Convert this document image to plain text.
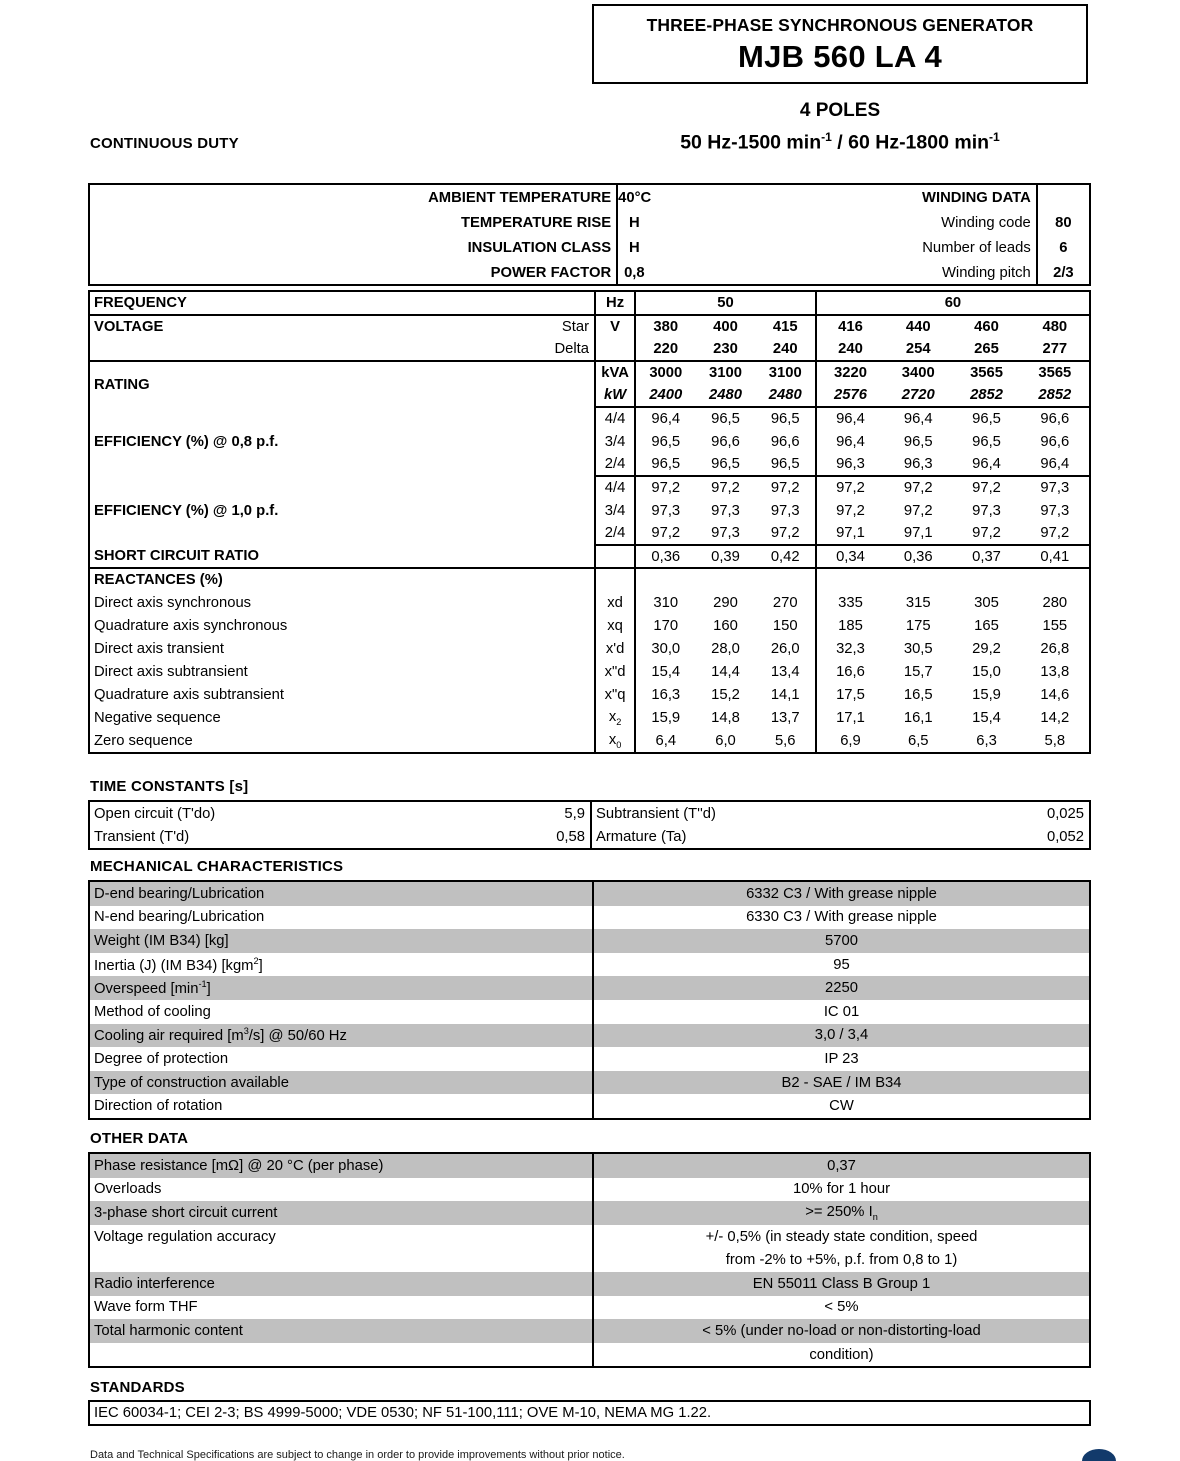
THREE-PHASE SYNCHRONOUS GENERATOR
MJB 560 LA 4
4 POLES
50 Hz-1500 $\min^{-1} / 60$ Hz-1800 $\min^{-1}$
CONTINUOUS DUTY
AMBIENT TEMPERATURE	40°C	WINDING DATA	
TEMPERATURE RISE	H	Winding code	80
INSULATION CLASS	H	Number of leads	6
POWER FACTOR	0,8	Winding pitch	2/3
FREQUENCY	Hz	50			60			
VOLTAGE Star	V	380	400	415	416	440	460	480
Delta		220	230	240	240	254	265	277
RATING	kVA	3000	3100	3100	3220	3400	3565	3565
	kW	2400	2480	2480	2576	2720	2852	2852
EFFICIENCY (%) @ 0,8 p.f.	4/4	96,4	96,5	96,5	96,4	96,4	96,5	96,6
	3/4	96,5	96,6	96,6	96,4	96,5	96,5	96,6
	2/4	96,5	96,5	96,5	96,3	96,3	96,4	96,4
EFFICIENCY (%) @ 1,0 p.f.	4/4	97,2	97,2	97,2	97,2	97,2	97,2	97,3
	3/4	97,3	97,3	97,3	97,2	97,2	97,3	97,3
	2/4	97,2	97,3	97,2	97,1	97,1	97,2	97,2
SHORT CIRCUIT RATIO		0,36	0,39	0,42	0,34	0,36	0,37	0,41
REACTANCES (%)								
Direct axis synchronous	xd	310	290	270	335	315	305	280
Quadrature axis synchronous	xq	170	160	150	185	175	165	155
Direct axis transient	x'd	30,0	28,0	26,0	32,3	30,5	29,2	26,8
Direct axis subtransient	x"d	15,4	14,4	13,4	16,6	15,7	15,0	13,8
Quadrature axis subtransient	x"q	16,3	15,2	14,1	17,5	16,5	15,9	14,6
Negative sequence	$x_2$	15,9	14,8	13,7	17,1	16,1	15,4	14,2
Zero sequence	$x_0$	6,4	6,0	5,6	6,9	6,5	6,3	5,8
TIME CONSTANTS [s]
Open circuit (T'do) 5,9	Subtransient (T''d) 0,025

Transient (T'd) 0,58	Armature (Ta) 0,052
MECHANICAL CHARACTERISTICS
D-end bearing/Lubrication	6332 C3 / With grease nipple
N-end bearing/Lubrication	6330 C3 / With grease nipple
Weight (IM B34) [kg]	5700
Inertia (J) (IM B34) [kgm$^2$]	95
Overspeed $[\min^{-1}]$	2250
Method of cooling	IC 01
Cooling air required $[m^3/s]$ @ 50/60 Hz	3,0 / 3,4
Degree of protection	IP 23
Type of construction available	B2 - SAE / IM B34
Direction of rotation	CW
OTHER DATA
Phase resistance [mΩ] @ 20 °C (per phase)	0,37
Overloads	10% for 1 hour
3-phase short circuit current	>= 250% $I_n$
Voltage regulation accuracy	+/- 0,5% (in steady state condition, speed
	from -2% to +5%, p.f. from 0,8 to 1)
Radio interference	EN 55011 Class B Group 1
Wave form THF	< 5%
Total harmonic content	< 5% (under no-load or non-distorting-load
	condition)
STANDARDS
IEC 60034-1; CEI 2-3; BS 4999-5000; VDE 0530; NF 51-100,111; OVE M-10, NEMA MG 1.22.
Data and Technical Specifications are subject to change in order to provide improvements without prior notice.
